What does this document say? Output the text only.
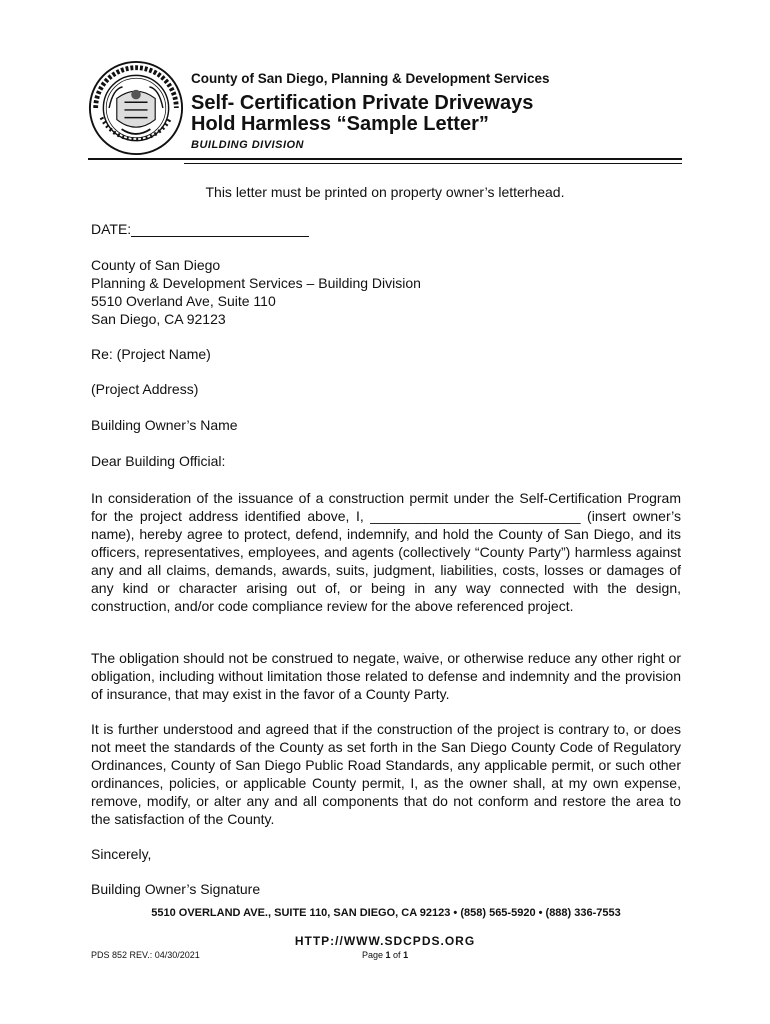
County of San Diego, Planning & Development Services
Self- Certification Private Driveways
Hold Harmless “Sample Letter”
BUILDING DIVISION
This letter must be printed on property owner’s letterhead.
DATE:
County of San Diego
Planning & Development Services – Building Division
5510 Overland Ave, Suite 110
San Diego, CA 92123
Re: (Project Name)
(Project Address)
Building Owner’s Name
Dear Building Official:

In consideration of the issuance of a construction permit under the Self-Certification Program for the project address identified above, I, ___________________________ (insert owner’s name), hereby agree to protect, defend, indemnify, and hold the County of San Diego, and its officers, representatives, employees, and agents (collectively “County Party”) harmless against any and all claims, demands, awards, suits, judgment, liabilities, costs, losses or damages of any kind or character arising out of, or being in any way connected with the design, construction, and/or code compliance review for the above referenced project.

The obligation should not be construed to negate, waive, or otherwise reduce any other right or obligation, including without limitation those related to defense and indemnity and the provision of insurance, that may exist in the favor of a County Party.

It is further understood and agreed that if the construction of the project is contrary to, or does not meet the standards of the County as set forth in the San Diego County Code of Regulatory Ordinances, County of San Diego Public Road Standards, any applicable permit, or such other ordinances, policies, or applicable County permit, I, as the owner shall, at my own expense, remove, modify, or alter any and all components that do not conform and restore the area to the satisfaction of the County.

Sincerely,
Building Owner’s Signature
5510 OVERLAND AVE., SUITE 110, SAN DIEGO, CA 92123 • (858) 565-5920 • (888) 336-7553
HTTP://WWW.SDCPDS.ORG
PDS 852 REV.: 04/30/2021	Page 1 of 1
